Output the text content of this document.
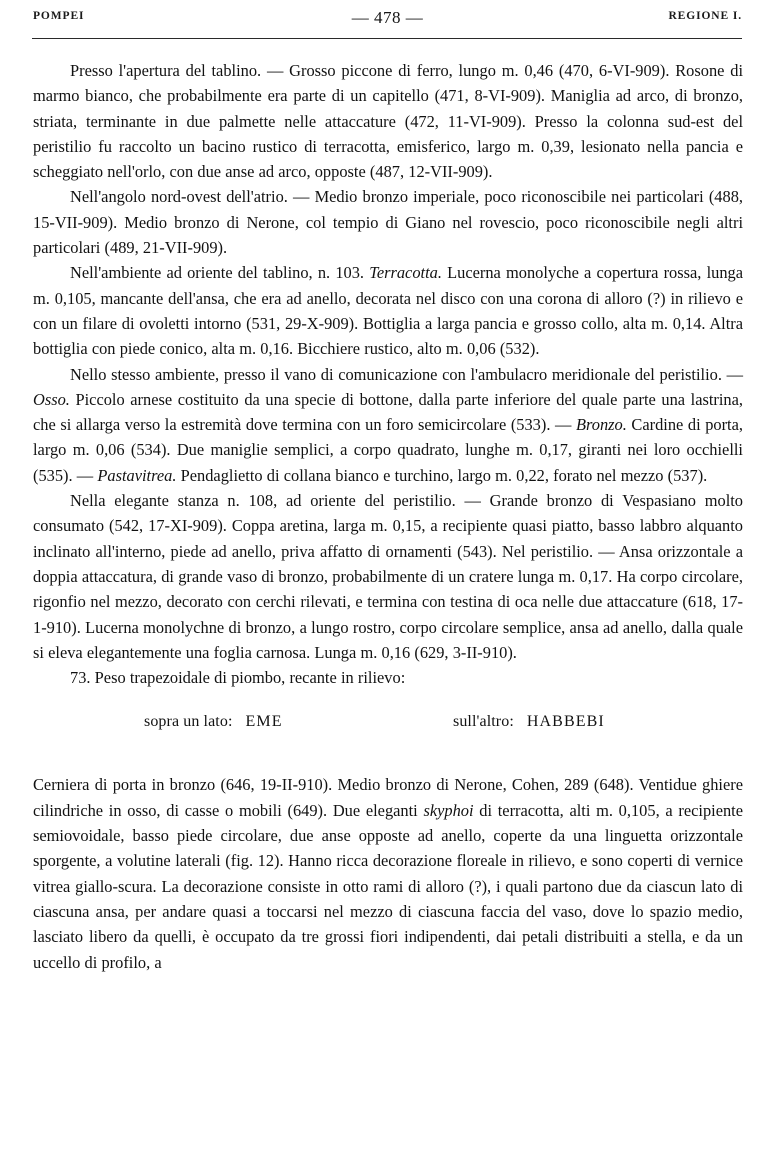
POMPEI	— 478 —	REGIONE I.

Presso l'apertura del tablino. — Grosso piccone di ferro, lungo m. 0,46 (470, 6-VI-909). Rosone di marmo bianco, che probabilmente era parte di un capitello (471, 8-VI-909). Maniglia ad arco, di bronzo, striata, terminante in due palmette nelle attaccature (472, 11-VI-909). Presso la colonna sud-est del peristilio fu raccolto un bacino rustico di terracotta, emisferico, largo m. 0,39, lesionato nella pancia e scheggiato nell'orlo, con due anse ad arco, opposte (487, 12-VII-909).

Nell'angolo nord-ovest dell'atrio. — Medio bronzo imperiale, poco riconoscibile nei particolari (488, 15-VII-909). Medio bronzo di Nerone, col tempio di Giano nel rovescio, poco riconoscibile negli altri particolari (489, 21-VII-909).

Nell'ambiente ad oriente del tablino, n. 103. Terracotta. Lucerna monolyche a copertura rossa, lunga m. 0,105, mancante dell'ansa, che era ad anello, decorata nel disco con una corona di alloro (?) in rilievo e con un filare di ovoletti intorno (531, 29-X-909). Bottiglia a larga pancia e grosso collo, alta m. 0,14. Altra bottiglia con piede conico, alta m. 0,16. Bicchiere rustico, alto m. 0,06 (532).

Nello stesso ambiente, presso il vano di comunicazione con l'ambulacro meridionale del peristilio. — Osso. Piccolo arnese costituito da una specie di bottone, dalla parte inferiore del quale parte una lastrina, che si allarga verso la estremità dove termina con un foro semicircolare (533). — Bronzo. Cardine di porta, largo m. 0,06 (534). Due maniglie semplici, a corpo quadrato, lunghe m. 0,17, giranti nei loro occhielli (535). — Pastavitrea. Pendaglietto di collana bianco e turchino, largo m. 0,22, forato nel mezzo (537).

Nella elegante stanza n. 108, ad oriente del peristilio. — Grande bronzo di Vespasiano molto consumato (542, 17-XI-909). Coppa aretina, larga m. 0,15, a recipiente quasi piatto, basso labbro alquanto inclinato all'interno, piede ad anello, priva affatto di ornamenti (543). Nel peristilio. — Ansa orizzontale a doppia attaccatura, di grande vaso di bronzo, probabilmente di un cratere lunga m. 0,17. Ha corpo circolare, rigonfio nel mezzo, decorato con cerchi rilevati, e termina con testina di oca nelle due attaccature (618, 17-1-910). Lucerna monolychne di bronzo, a lungo rostro, corpo circolare semplice, ansa ad anello, dalla quale si eleva elegantemente una foglia carnosa. Lunga m. 0,16 (629, 3-II-910).

73. Peso trapezoidale di piombo, recante in rilievo:

sopra un lato: EME	sull'altro: HABBEBI

Cerniera di porta in bronzo (646, 19-II-910). Medio bronzo di Nerone, Cohen, 289 (648). Ventidue ghiere cilindriche in osso, di casse o mobili (649). Due eleganti skyphoi di terracotta, alti m. 0,105, a recipiente semiovoidale, basso piede circolare, due anse opposte ad anello, coperte da una linguetta orizzontale sporgente, a volutine laterali (fig. 12). Hanno ricca decorazione floreale in rilievo, e sono coperti di vernice vitrea giallo-scura. La decorazione consiste in otto rami di alloro (?), i quali partono due da ciascun lato di ciascuna ansa, per andare quasi a toccarsi nel mezzo di ciascuna faccia del vaso, dove lo spazio medio, lasciato libero da quelli, è occupato da tre grossi fiori indipendenti, dai petali distribuiti a stella, e da un uccello di profilo, a
